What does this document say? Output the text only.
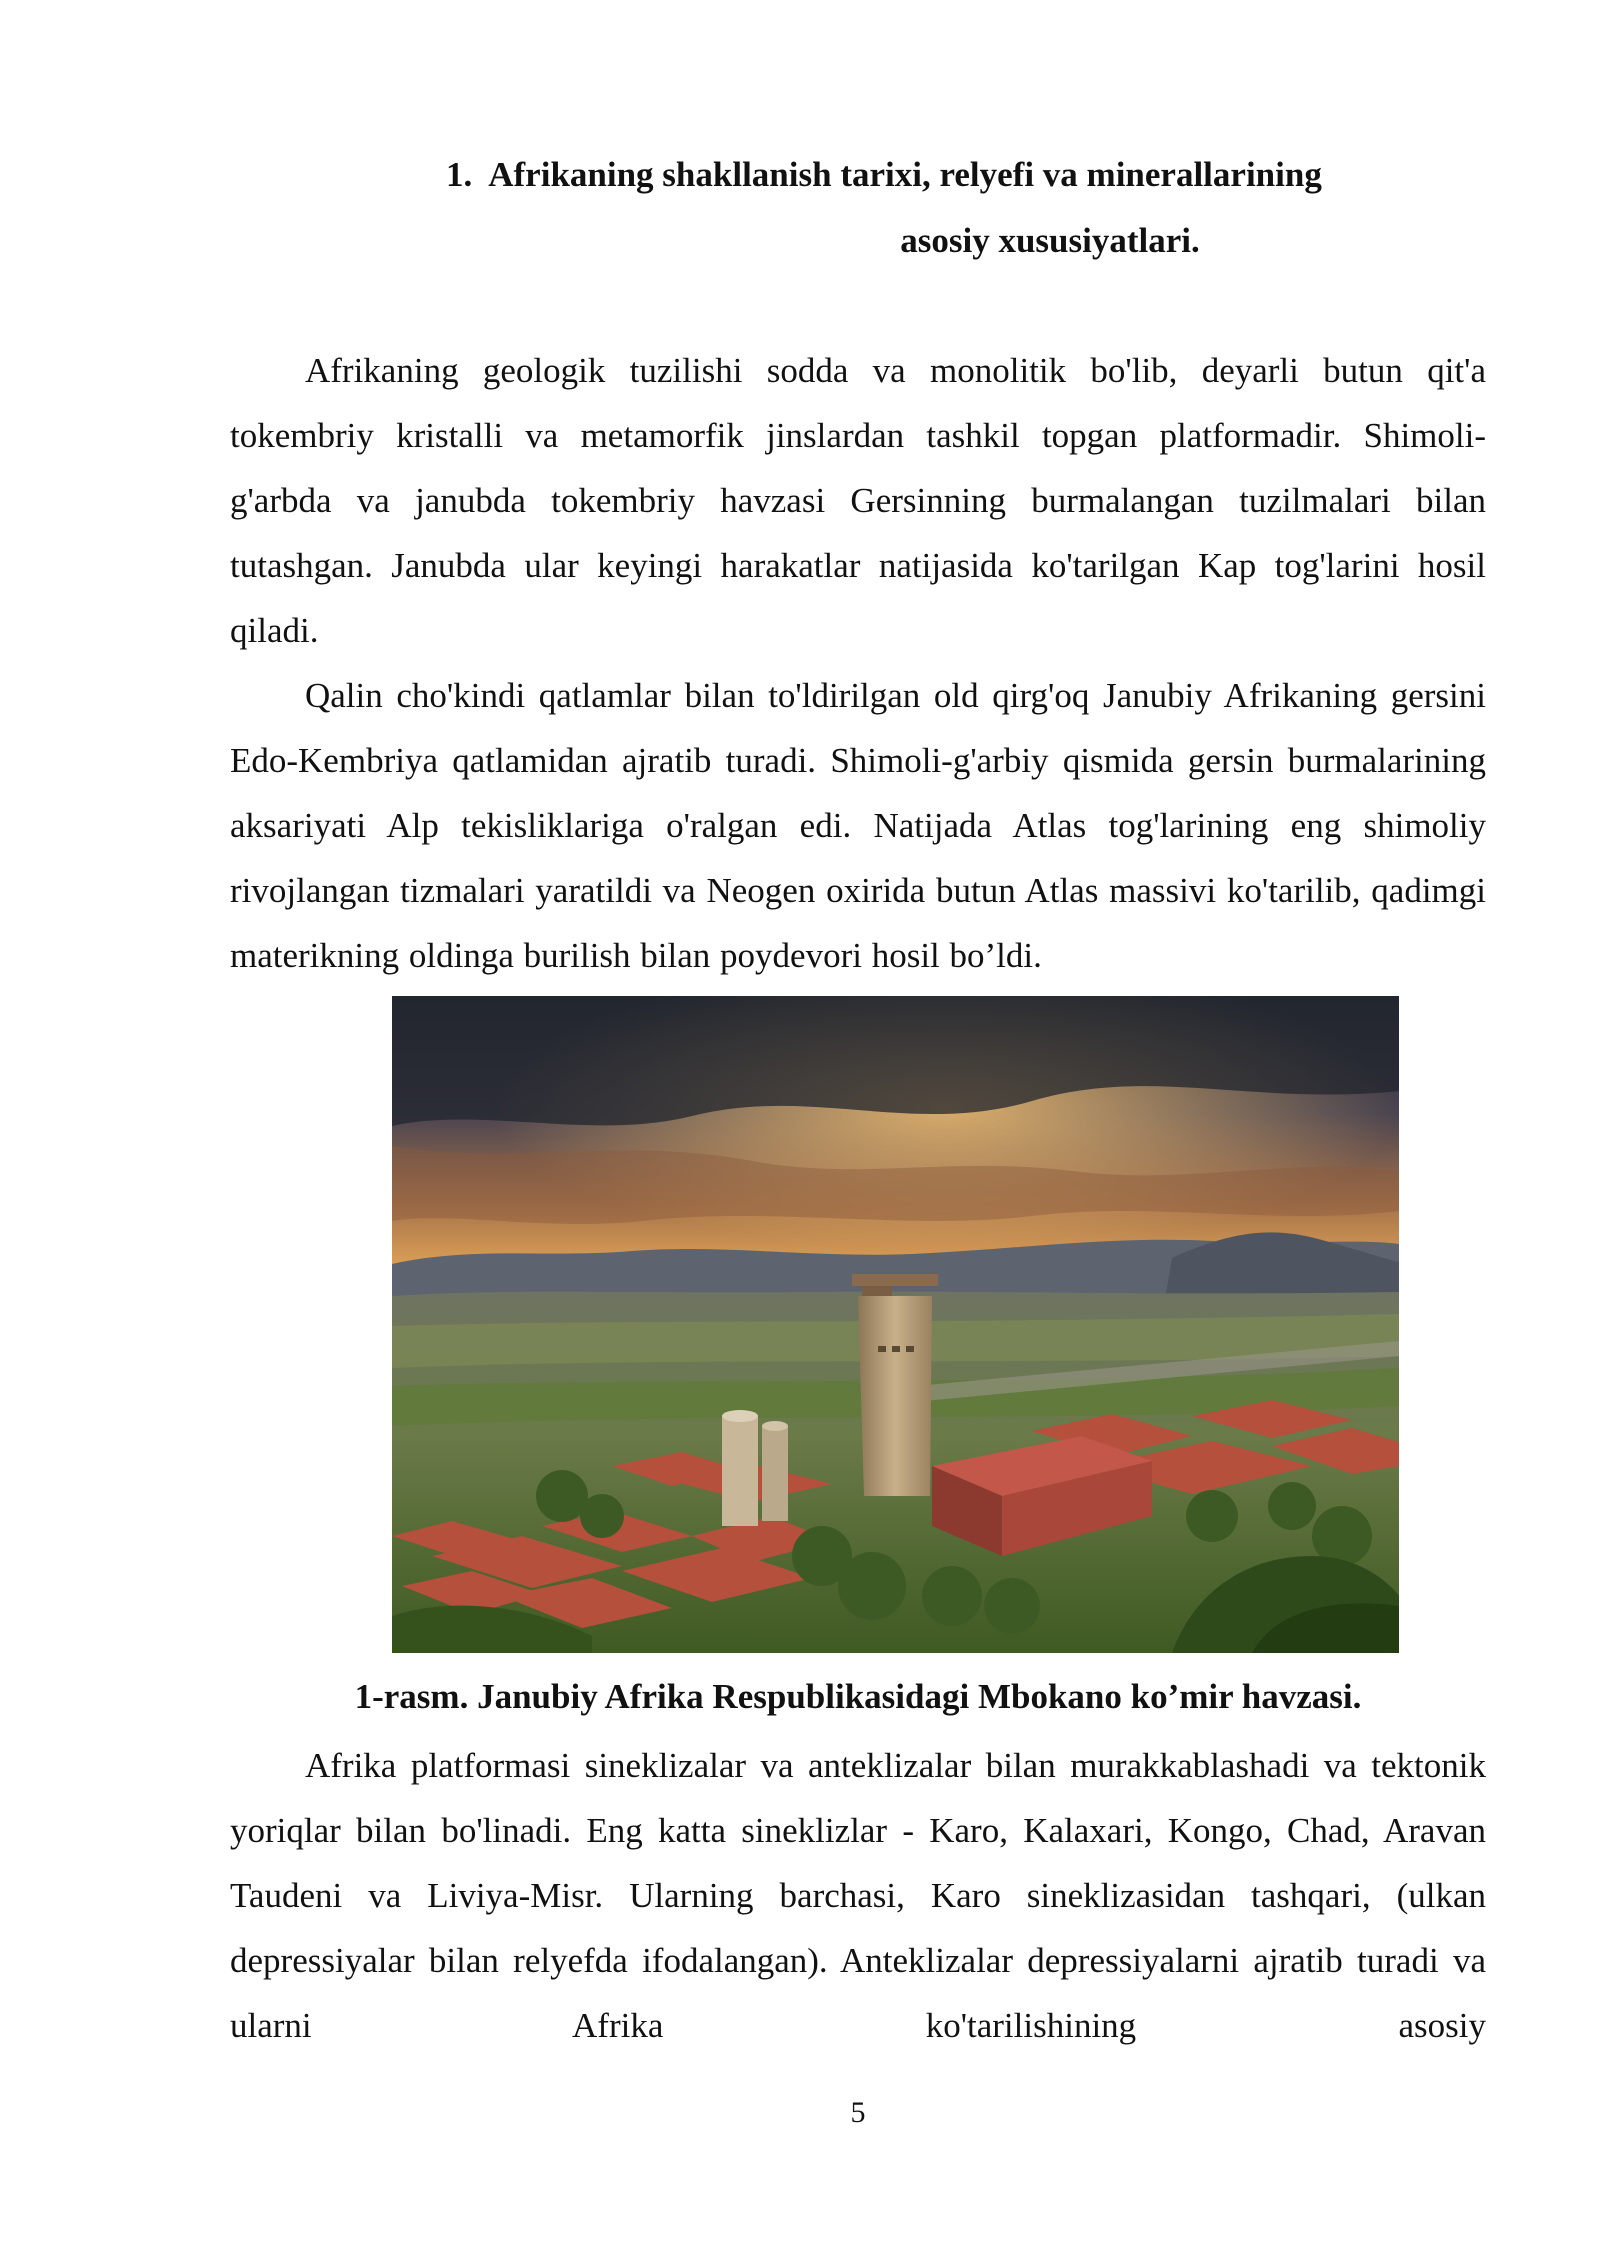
1. Afrikaning shakllanish tarixi, relyefi va minerallarining
asosiy xususiyatlari.

Afrikaning geologik tuzilishi sodda va monolitik bo'lib, deyarli butun qit'a tokembriy kristalli va metamorfik jinslardan tashkil topgan platformadir. Shimoli-g'arbda va janubda tokembriy havzasi Gersinning burmalangan tuzilmalari bilan tutashgan. Janubda ular keyingi harakatlar natijasida ko'tarilgan Kap tog'larini hosil qiladi.

Qalin cho'kindi qatlamlar bilan to'ldirilgan old qirg'oq Janubiy Afrikaning gersini Edo-Kembriya qatlamidan ajratib turadi. Shimoli-g'arbiy qismida gersin burmalarining aksariyati Alp tekisliklariga o'ralgan edi. Natijada Atlas tog'larining eng shimoliy rivojlangan tizmalari yaratildi va Neogen oxirida butun Atlas massivi ko'tarilib, qadimgi materikning oldinga burilish bilan poydevori hosil bo’ldi.

1-rasm. Janubiy Afrika Respublikasidagi Mbokano ko’mir havzasi.

Afrika platformasi sineklizalar va anteklizalar bilan murakkablashadi va tektonik yoriqlar bilan bo'linadi. Eng katta sineklizlar - Karo, Kalaxari, Kongo, Chad, Aravan Taudeni va Liviya-Misr. Ularning barchasi, Karo sineklizasidan tashqari, (ulkan depressiyalar bilan relyefda ifodalangan). Anteklizalar depressiyalarni ajratib turadi va ularni Afrika ko'tarilishining asosiy

5
